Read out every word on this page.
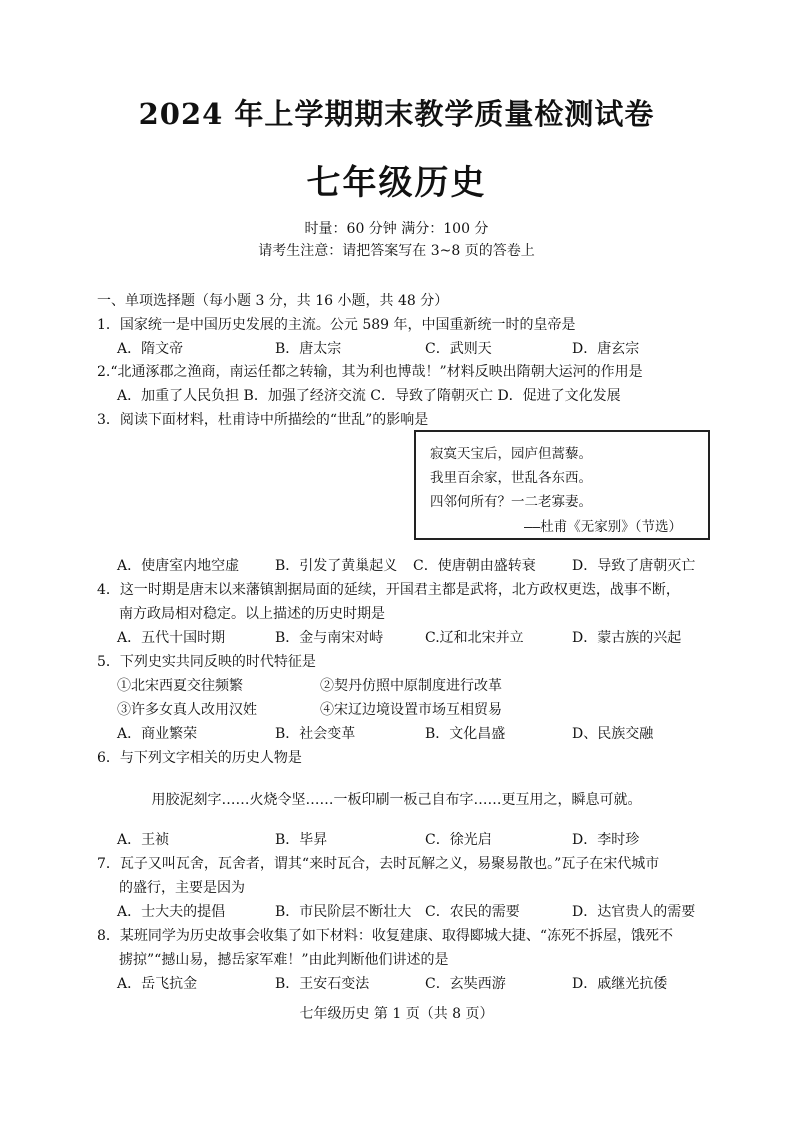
2024 年上学期期末教学质量检测试卷
七年级历史
时量：60 分钟 满分：100 分
请考生注意：请把答案写在 3~8 页的答卷上
一、单项选择题（每小题 3 分，共 16 小题，共 48 分）
1．国家统一是中国历史发展的主流。公元 589 年，中国重新统一时的皇帝是
A．隋文帝	B．唐太宗	C．武则天	D．唐玄宗
2.“北通涿郡之渔商，南运任都之转输，其为利也博哉！”材料反映出隋朝大运河的作用是
A．加重了人民负担 B．加强了经济交流 C．导致了隋朝灭亡 D．促进了文化发展
3．阅读下面材料，杜甫诗中所描绘的“世乱”的影响是
寂寞天宝后，园庐但蒿藜。
我里百余家，世乱各东西。
四邻何所有？一二老寡妻。
——杜甫《无家别》（节选）
A．使唐室内地空虚	B．引发了黄巢起义 C．使唐朝由盛转衰	D．导致了唐朝灭亡
4．这一时期是唐末以来藩镇割据局面的延续，开国君主都是武将，北方政权更迭，战事不断，
南方政局相对稳定。以上描述的历史时期是
A．五代十国时期	B．金与南宋对峙	C.辽和北宋并立	D．蒙古族的兴起
5．下列史实共同反映的时代特征是
①北宋西夏交往频繁	②契丹仿照中原制度进行改革
③许多女真人改用汉姓	④宋辽边境设置市场互相贸易
A．商业繁荣	B．社会变革	B．文化昌盛	D、民族交融
6．与下列文字相关的历史人物是
用胶泥刻字……火烧令坚……一板印刷一板己自布字……更互用之，瞬息可就。
A．王祯	B．毕昇	C．徐光启	D．李时珍
7．瓦子又叫瓦舍，瓦舍者，谓其“来时瓦合，去时瓦解之义，易聚易散也。”瓦子在宋代城市
的盛行，主要是因为
A．士大夫的提倡	B．市民阶层不断壮大 C．农民的需要	D．达官贵人的需要
8．某班同学为历史故事会收集了如下材料：收复建康、取得郾城大捷、“冻死不拆屋，饿死不
掳掠”“撼山易，撼岳家军难！”由此判断他们讲述的是
A．岳飞抗金	B．王安石变法	C．玄奘西游	D．戚继光抗倭
七年级历史 第 1 页（共 8 页）
